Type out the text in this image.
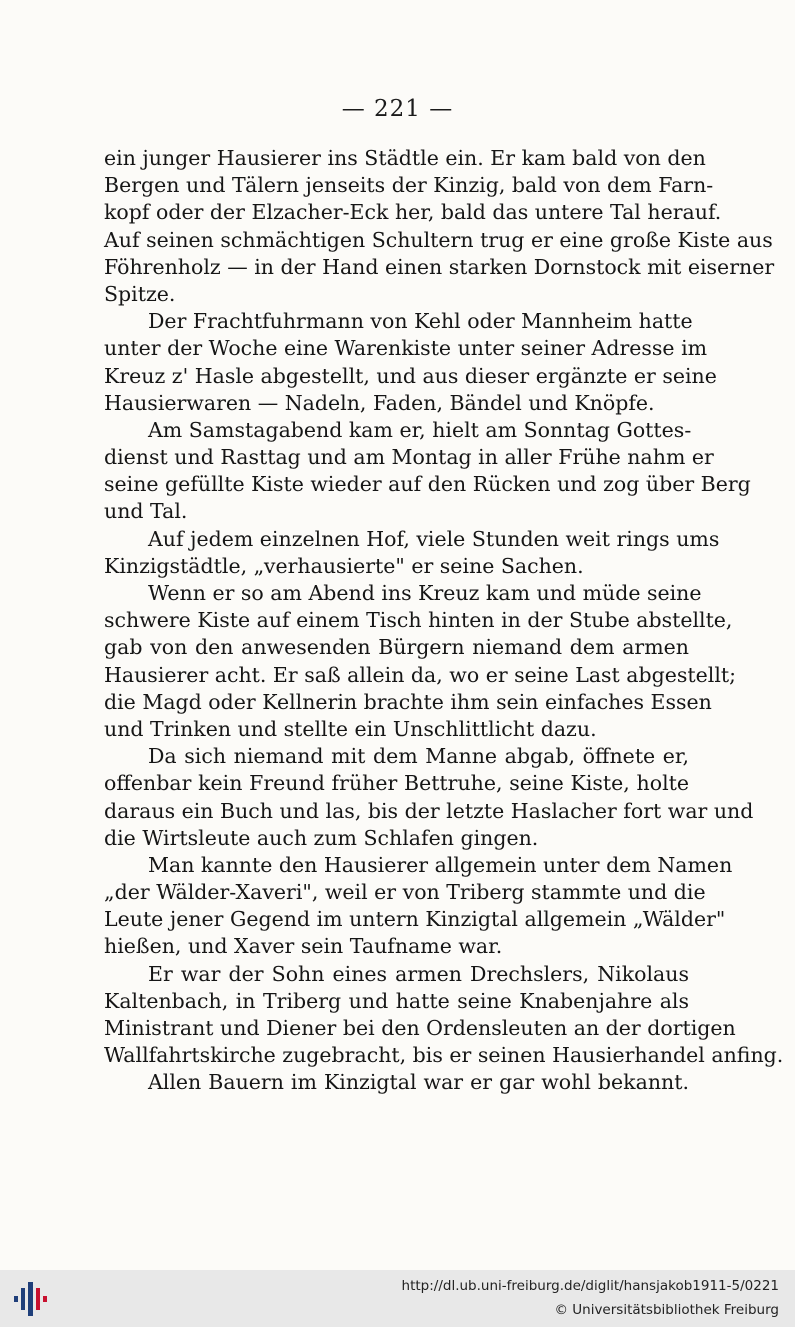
— 221 —
ein junger Hausierer ins Städtle ein. Er kam bald von den
Bergen und Tälern jenseits der Kinzig, bald von dem Farn-
kopf oder der Elzacher-Eck her, bald das untere Tal herauf.
Auf seinen schmächtigen Schultern trug er eine große Kiste aus
Föhrenholz — in der Hand einen starken Dornstock mit eiserner
Spitze.
Der Frachtfuhrmann von Kehl oder Mannheim hatte
unter der Woche eine Warenkiste unter seiner Adresse im
Kreuz z' Hasle abgestellt, und aus dieser ergänzte er seine
Hausierwaren — Nadeln, Faden, Bändel und Knöpfe.
Am Samstagabend kam er, hielt am Sonntag Gottes-
dienst und Rasttag und am Montag in aller Frühe nahm er
seine gefüllte Kiste wieder auf den Rücken und zog über Berg
und Tal.
Auf jedem einzelnen Hof, viele Stunden weit rings ums
Kinzigstädtle, „verhausierte" er seine Sachen.
Wenn er so am Abend ins Kreuz kam und müde seine
schwere Kiste auf einem Tisch hinten in der Stube abstellte,
gab von den anwesenden Bürgern niemand dem armen
Hausierer acht. Er saß allein da, wo er seine Last abgestellt;
die Magd oder Kellnerin brachte ihm sein einfaches Essen
und Trinken und stellte ein Unschlittlicht dazu.
Da sich niemand mit dem Manne abgab, öffnete er,
offenbar kein Freund früher Bettruhe, seine Kiste, holte
daraus ein Buch und las, bis der letzte Haslacher fort war und
die Wirtsleute auch zum Schlafen gingen.
Man kannte den Hausierer allgemein unter dem Namen
„der Wälder-Xaveri", weil er von Triberg stammte und die
Leute jener Gegend im untern Kinzigtal allgemein „Wälder"
hießen, und Xaver sein Taufname war.
Er war der Sohn eines armen Drechslers, Nikolaus
Kaltenbach, in Triberg und hatte seine Knabenjahre als
Ministrant und Diener bei den Ordensleuten an der dortigen
Wallfahrtskirche zugebracht, bis er seinen Hausierhandel anfing.
Allen Bauern im Kinzigtal war er gar wohl bekannt.
http://dl.ub.uni-freiburg.de/diglit/hansjakob1911-5/0221
© Universitätsbibliothek Freiburg
